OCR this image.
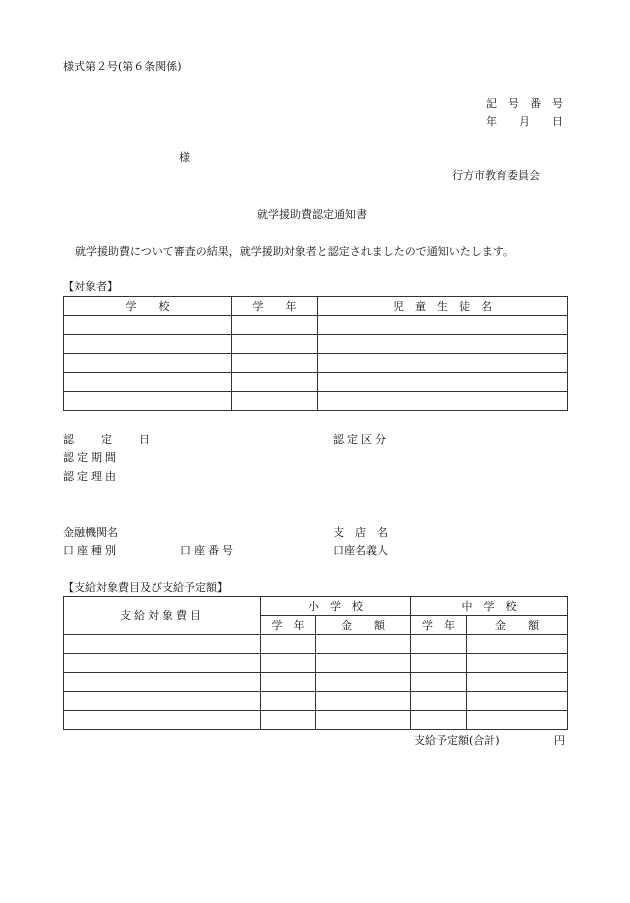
様式第２号(第６条関係)
記　号　番　号
年　　月　　日
様
行方市教育委員会
就学援助費認定通知書
就学援助費について審査の結果，就学援助対象者と認定されましたので通知いたします。
【対象者】
学　　校	学　　年	児　童　生　徒　名

認　定　日	認定区分
認定期間
認定理由
金融機関名	支　店　名
口座種別	口座番号	口座名義人
【支給対象費目及び支給予定額】
支給対象費目	小　学　校		中　学　校	
	学　年	金　　額	学　年	金　　額

支給予定額(合計)	円
